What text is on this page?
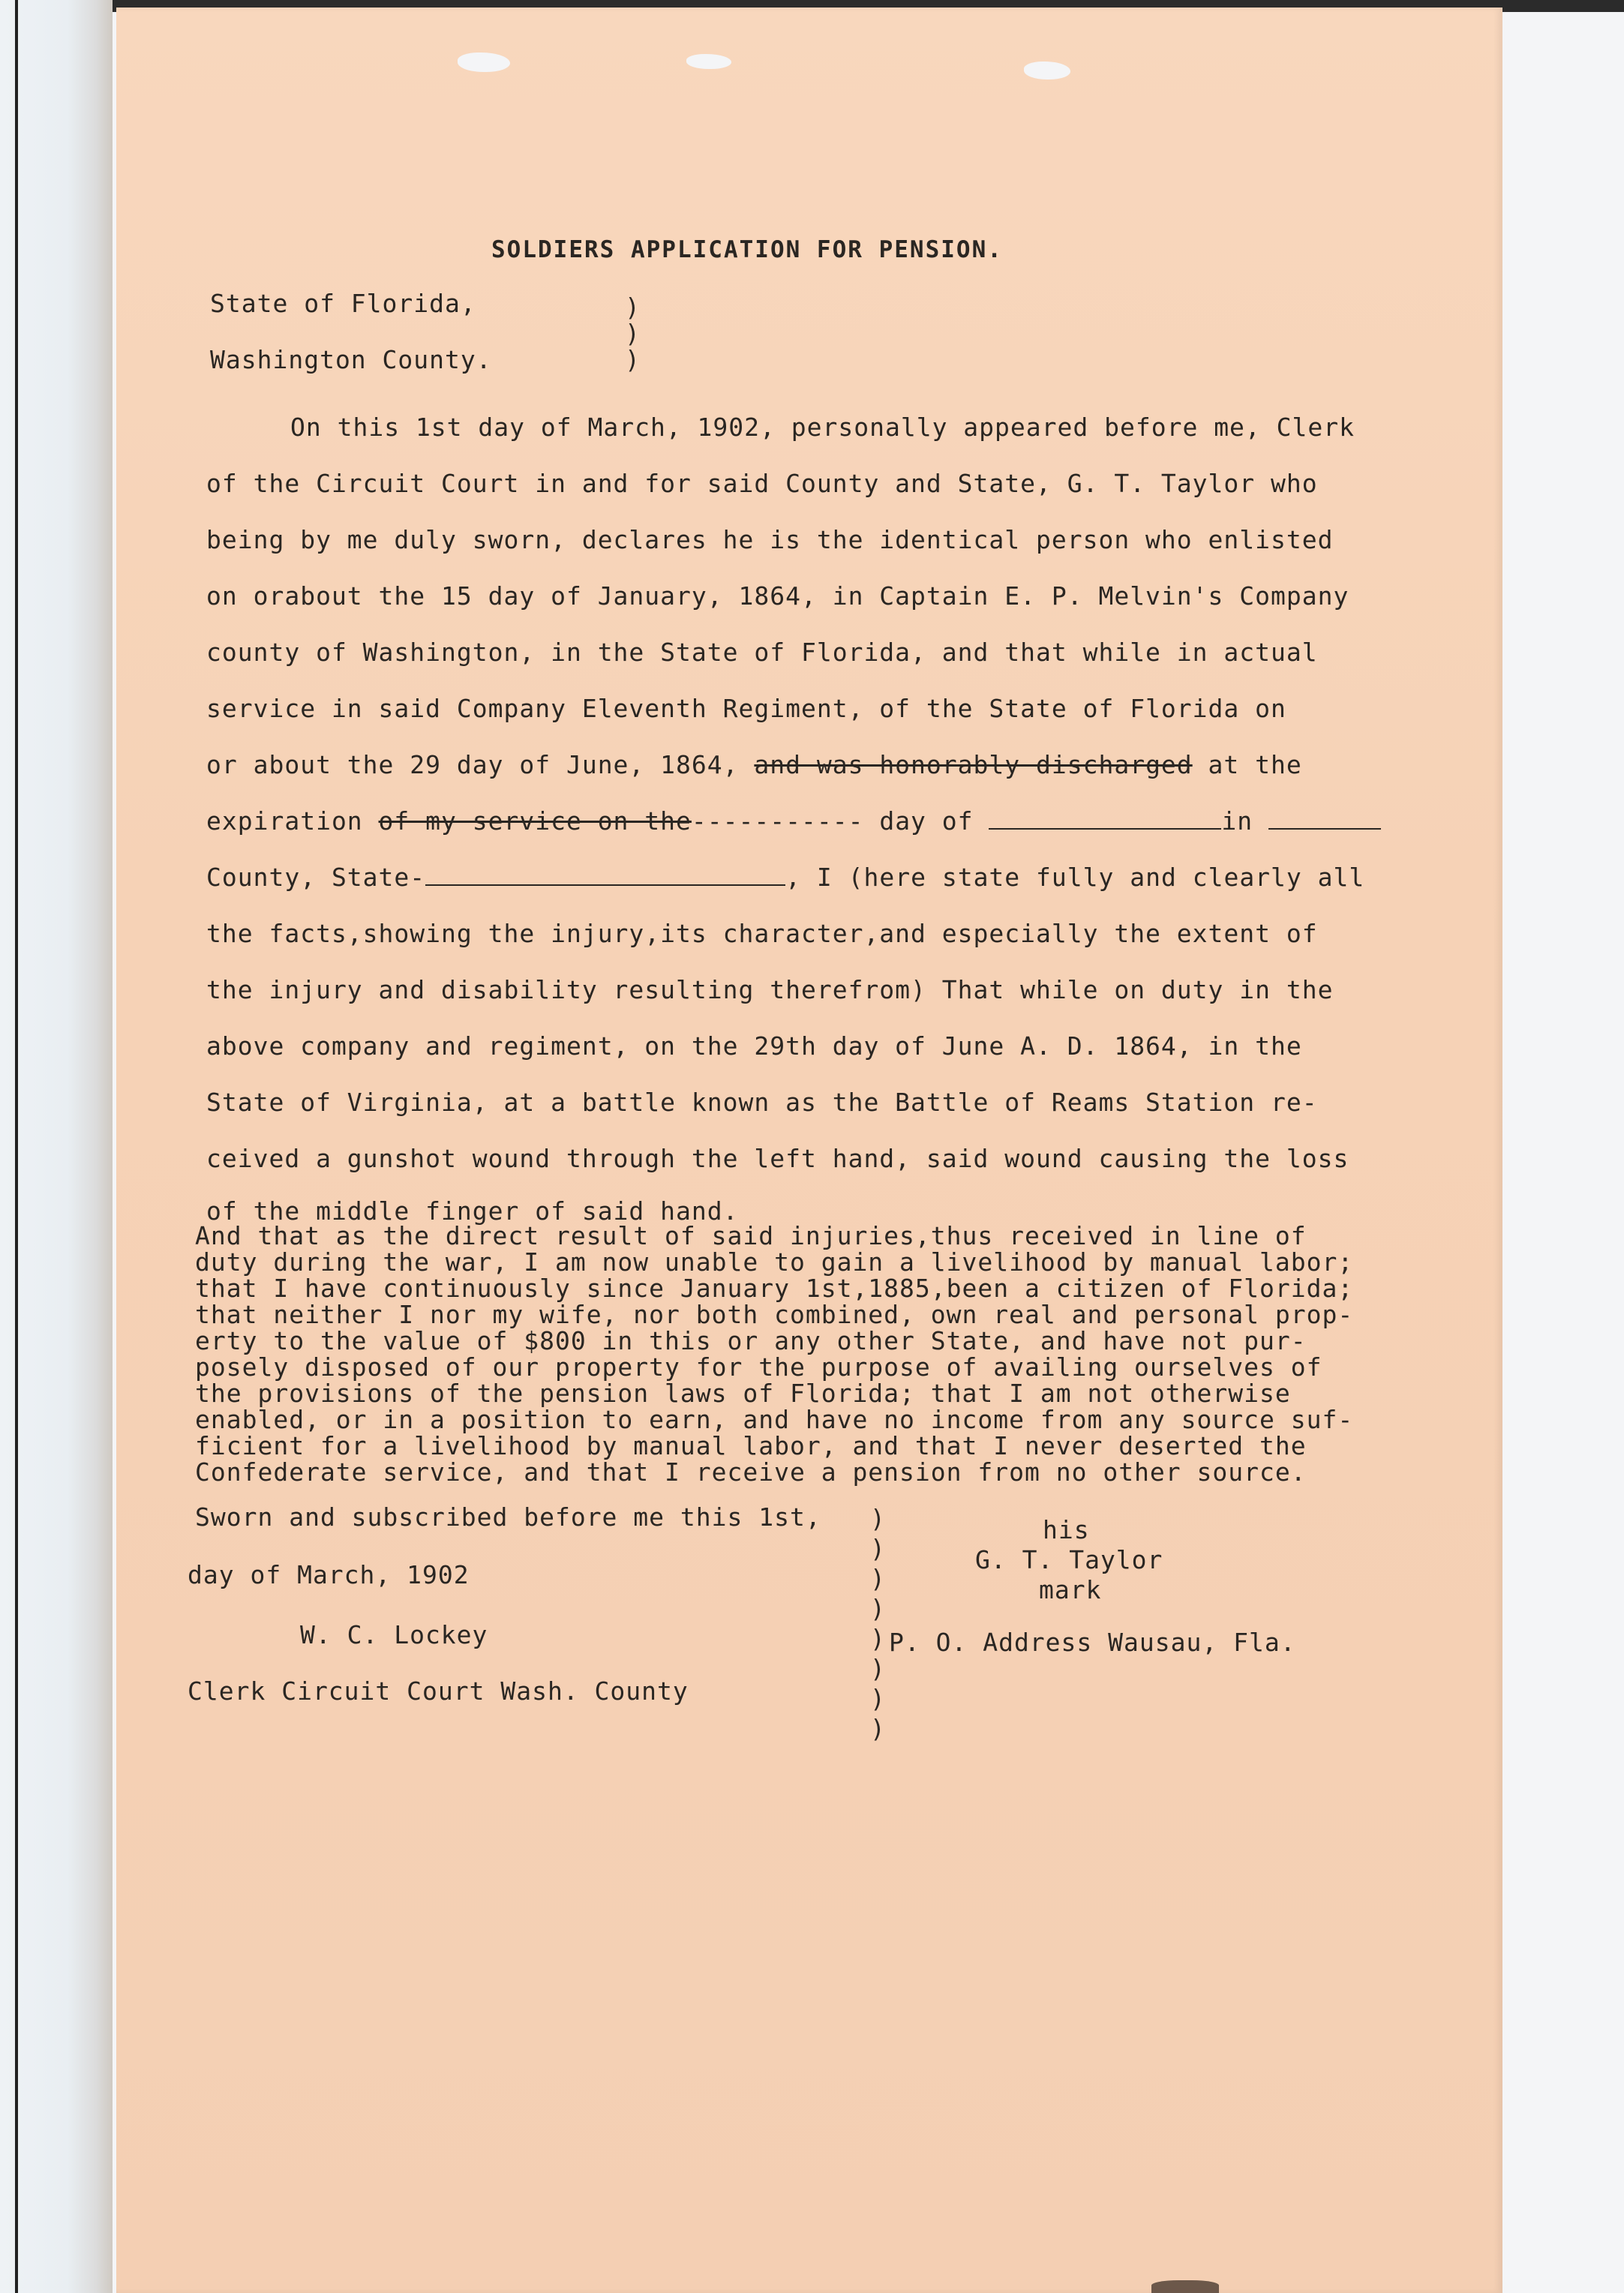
SOLDIERS APPLICATION FOR PENSION.
State of Florida,
Washington County.
)
)
)
On this 1st day of March, 1902, personally appeared before me, Clerk
of the Circuit Court in and for said County and State, G. T. Taylor who
being by me duly sworn, declares he is the identical person who enlisted
on orabout the 15 day of January, 1864, in Captain E. P. Melvin's Company
county of Washington, in the State of Florida, and that while in actual
service in said Company Eleventh Regiment, of the State of Florida on
or about the 29 day of June, 1864, and was honorably discharged at the
expiration of my service on the----------- day of	in
County, State-	, I (here state fully and clearly all
the facts,showing the injury,its character,and especially the extent of
the injury and disability resulting therefrom) That while on duty in the
above company and regiment, on the 29th day of June A. D. 1864, in the
State of Virginia, at a battle known as the Battle of Reams Station re-
ceived a gunshot wound through the left hand, said wound causing the loss
of the middle finger of said hand.
And that as the direct result of said injuries,thus received in line of
duty during the war, I am now unable to gain a livelihood by manual labor;
that I have continuously since January 1st,1885,been a citizen of Florida;
that neither I nor my wife, nor both combined, own real and personal prop-
erty to the value of $800 in this or any other State, and have not pur-
posely disposed of our property for the purpose of availing ourselves of
the provisions of the pension laws of Florida; that I am not otherwise
enabled, or in a position to earn, and have no income from any source suf-
ficient for a livelihood by manual labor, and that I never deserted the
Confederate service, and that I receive a pension from no other source.
Sworn and subscribed before me this 1st,
day of March, 1902
W. C. Lockey
Clerk Circuit Court Wash. County
)
)
)
)
)
)
)
)
his
G. T. Taylor
mark
P. O. Address Wausau, Fla.
